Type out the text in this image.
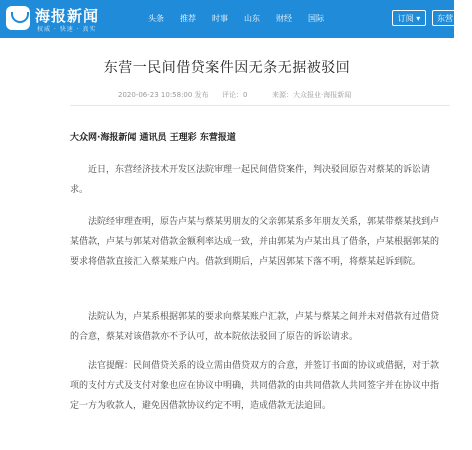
海报新闻
权威 · 快速 · 真实
头条	推荐	时事	山东	财经	国际	订阅 ▾	东营 ▾
东营一民间借贷案件因无条无据被驳回
2020-06-23 10:58:00 发布 评论：0	来源：大众报业·海报新闻
大众网·海报新闻 通讯员 王理彩 东营报道

近日，东营经济技术开发区法院审理一起民间借贷案件，判决驳回原告对蔡某的诉讼请求。

法院经审理查明，原告卢某与蔡某男朋友的父亲郭某系多年朋友关系，郭某带蔡某找到卢某借款，卢某与郭某对借款金额利率达成一致，并由郭某为卢某出具了借条，卢某根据郭某的要求将借款直接汇入蔡某账户内。借款到期后，卢某因郭某下落不明，将蔡某起诉到院。

法院认为，卢某系根据郭某的要求向蔡某账户汇款，卢某与蔡某之间并未对借款有过借贷的合意，蔡某对该借款亦不予认可，故本院依法驳回了原告的诉讼请求。

法官提醒：民间借贷关系的设立需由借贷双方的合意，并签订书面的协议或借据，对于款项的支付方式及支付对象也应在协议中明确，共同借款的由共同借款人共同签字并在协议中指定一方为收款人，避免因借款协议约定不明，造成借款无法追回。
